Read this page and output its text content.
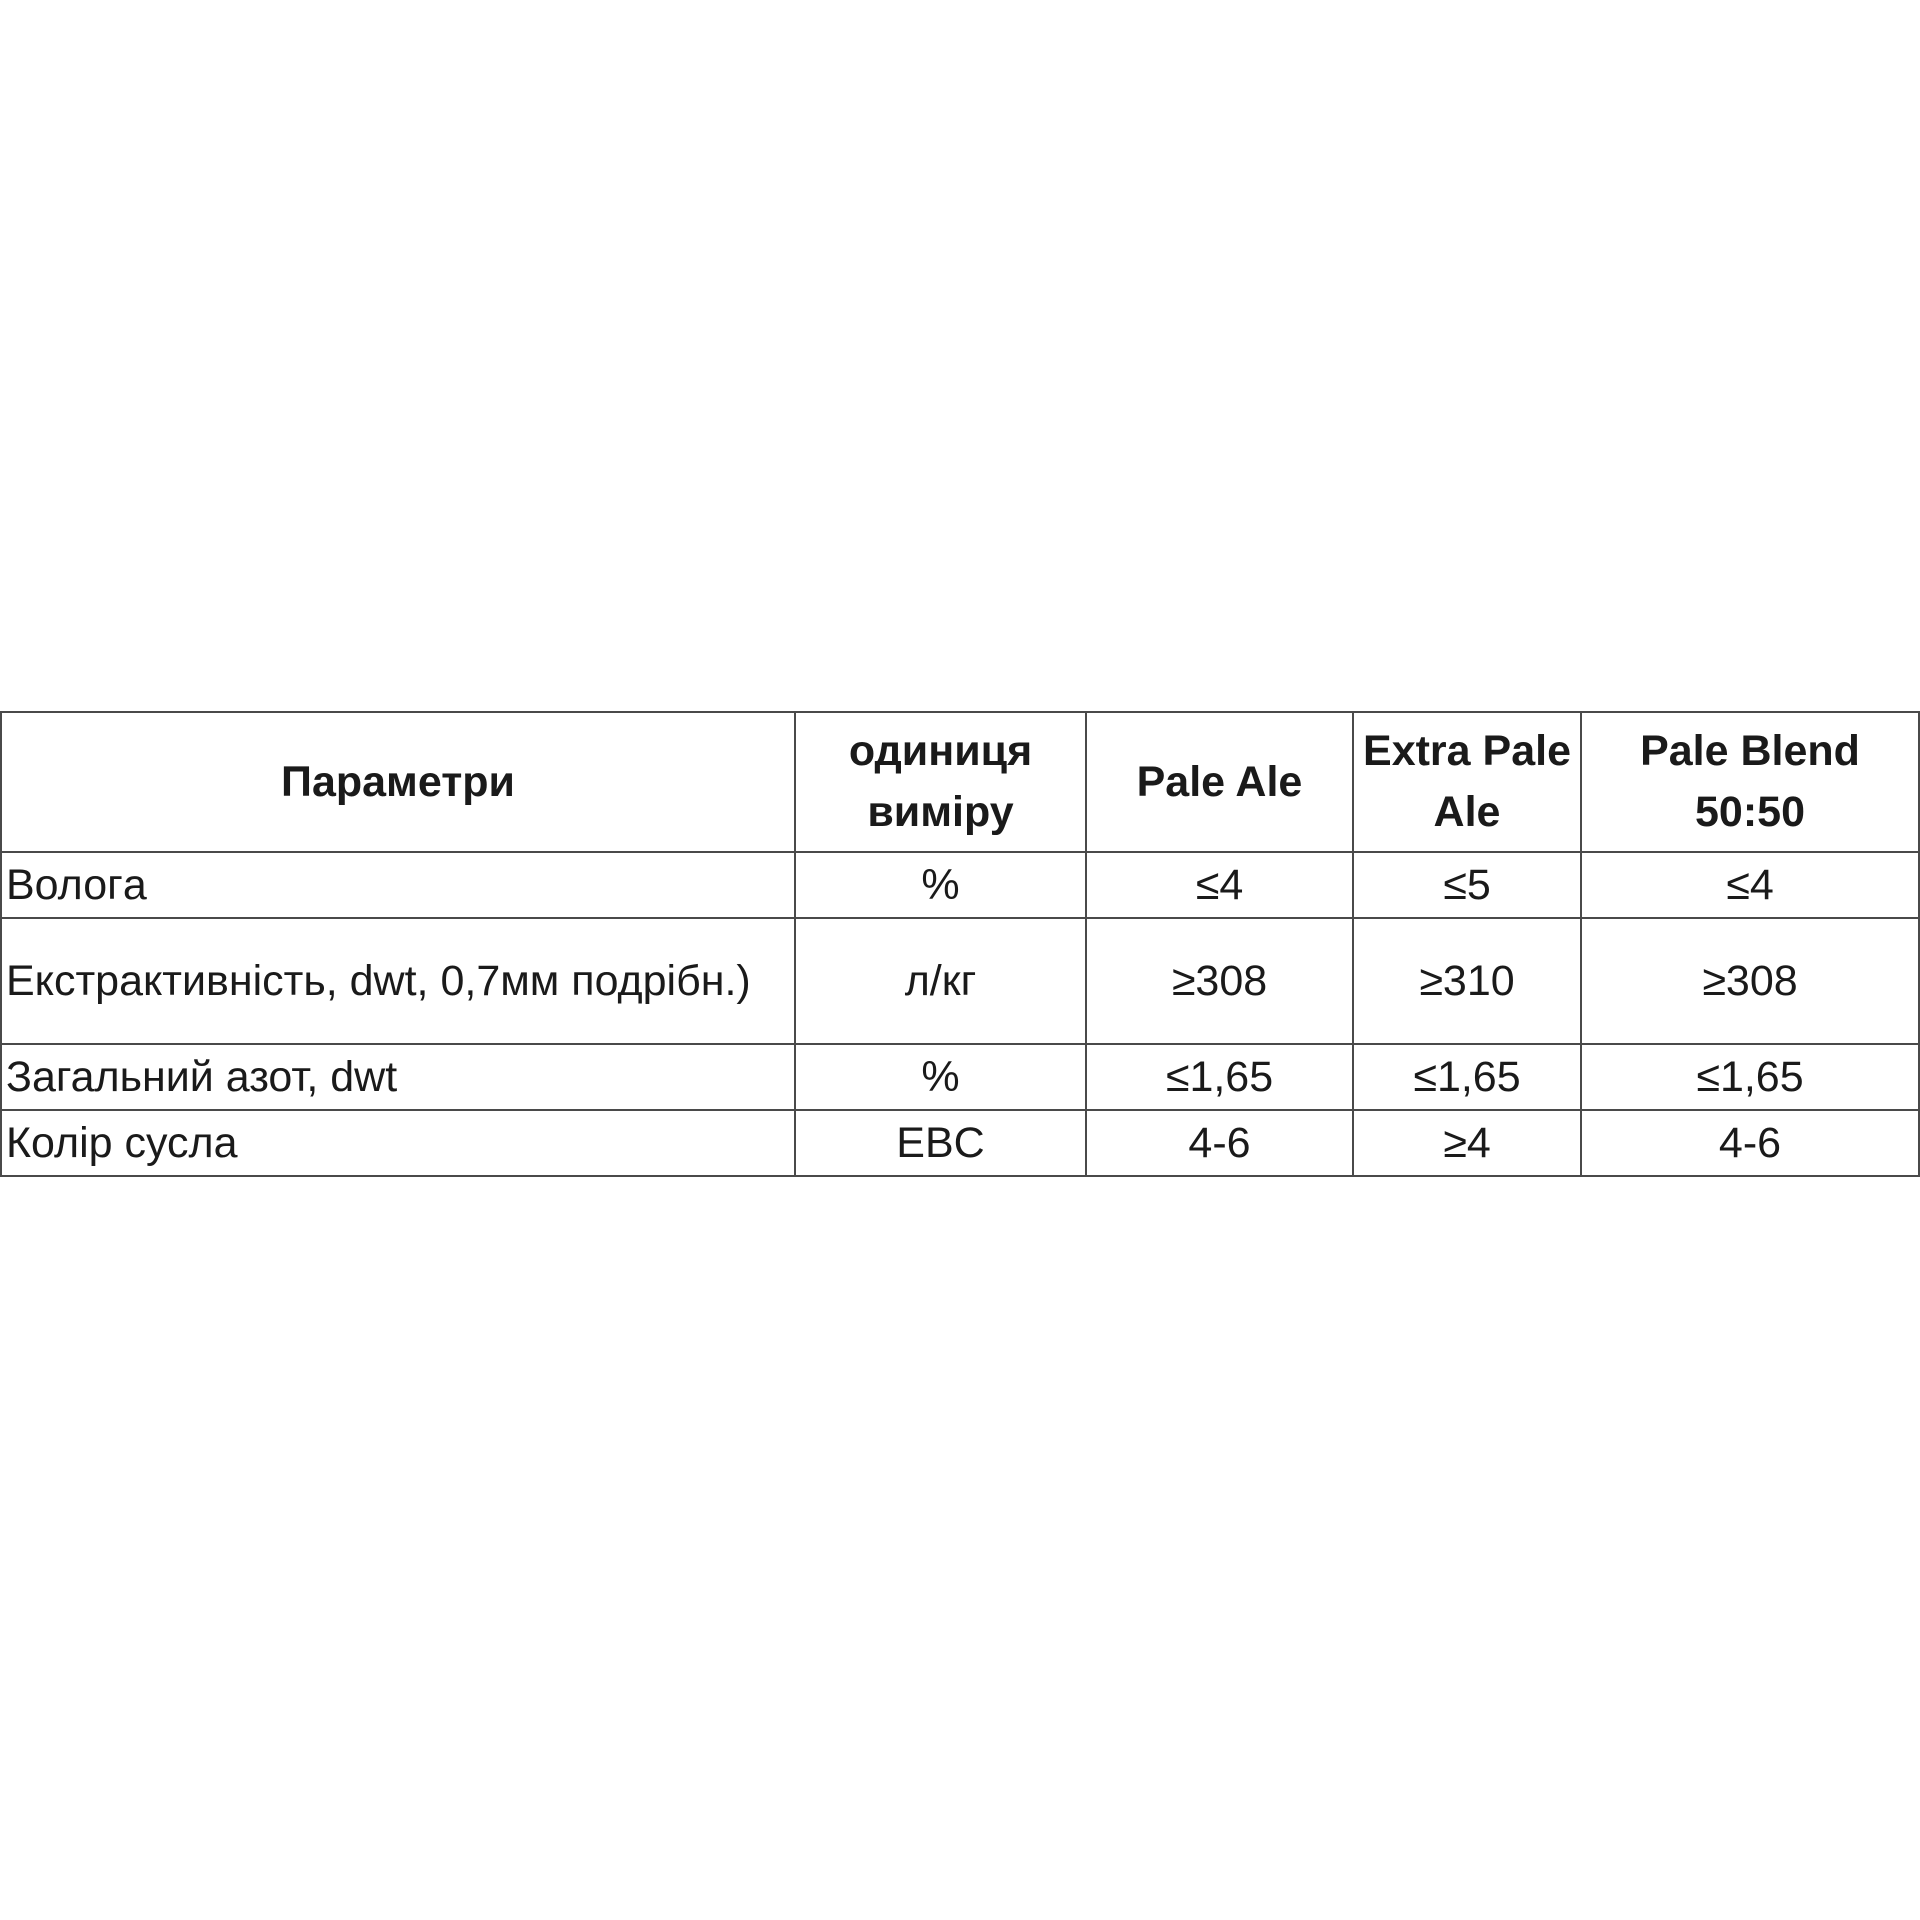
Параметри	одиниця виміру	Pale Ale	Extra Pale Ale	Pale Blend 50:50
Вологa	%	≤4	≤5	≤4
Екстрактивність, dwt, 0,7мм подрібн.)	л/кг	≥308	≥310	≥308
Загальний азот, dwt	%	≤1,65	≤1,65	≤1,65
Колір сусла	EBC	4-6	≥4	4-6
